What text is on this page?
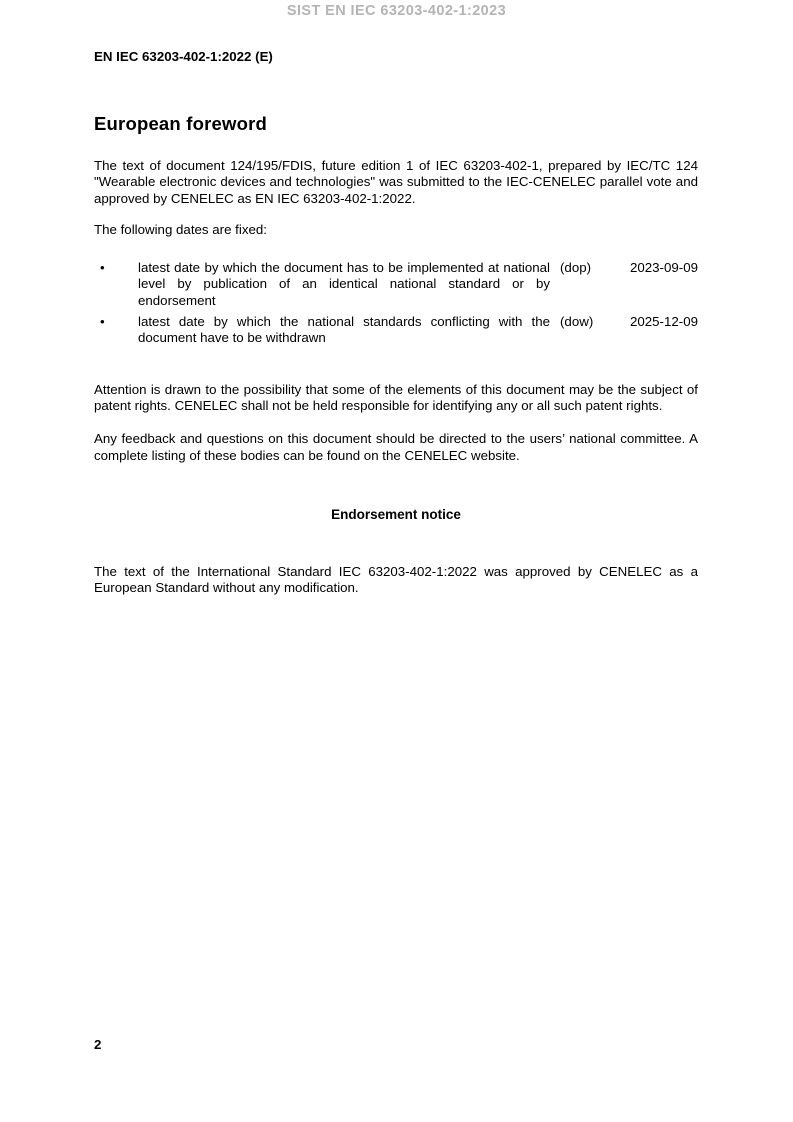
SIST EN IEC 63203-402-1:2023
EN IEC 63203-402-1:2022 (E)
European foreword

The text of document 124/195/FDIS, future edition 1 of IEC 63203-402-1, prepared by IEC/TC 124 "Wearable electronic devices and technologies" was submitted to the IEC-CENELEC parallel vote and approved by CENELEC as EN IEC 63203-402-1:2022.

The following dates are fixed:

•	latest date by which the document has to be implemented at national level by publication of an identical national standard or by endorsement
(dop)	2023-09-09
•	latest date by which the national standards conflicting with the document have to be withdrawn
(dow)	2025-12-09

Attention is drawn to the possibility that some of the elements of this document may be the subject of patent rights. CENELEC shall not be held responsible for identifying any or all such patent rights.

Any feedback and questions on this document should be directed to the users’ national committee. A complete listing of these bodies can be found on the CENELEC website.

Endorsement notice

The text of the International Standard IEC 63203-402-1:2022 was approved by CENELEC as a European Standard without any modification.

2
